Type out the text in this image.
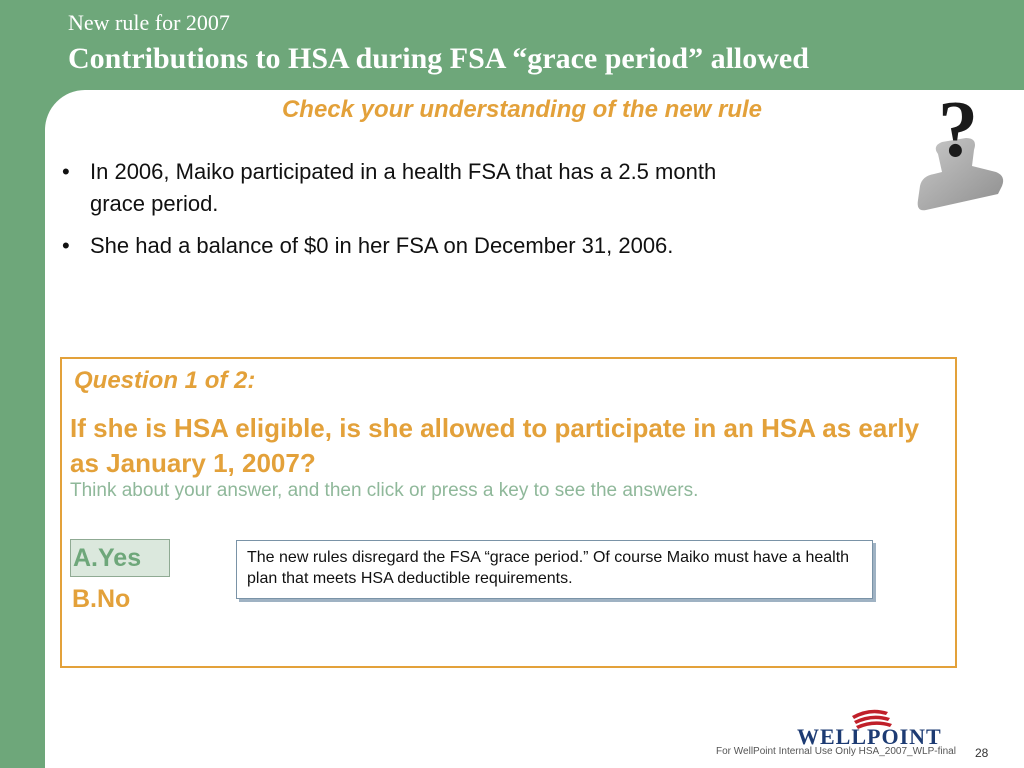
New rule for 2007
Contributions to HSA during FSA “grace period” allowed
Check your understanding of the new rule	?
• In 2006, Maiko participated in a health FSA that has a 2.5 month grace period.
• She had a balance of $0 in her FSA on December 31, 2006.
Question 1 of 2:
If she is HSA eligible, is she allowed to participate in an HSA as early as January 1, 2007?
Think about your answer, and then click or press a key to see the answers.
A.Yes
B.No
The new rules disregard the FSA “grace period.” Of course Maiko must have a health plan that meets HSA deductible requirements.
WELLPOINT
For WellPoint Internal Use Only HSA_2007_WLP-final 28
